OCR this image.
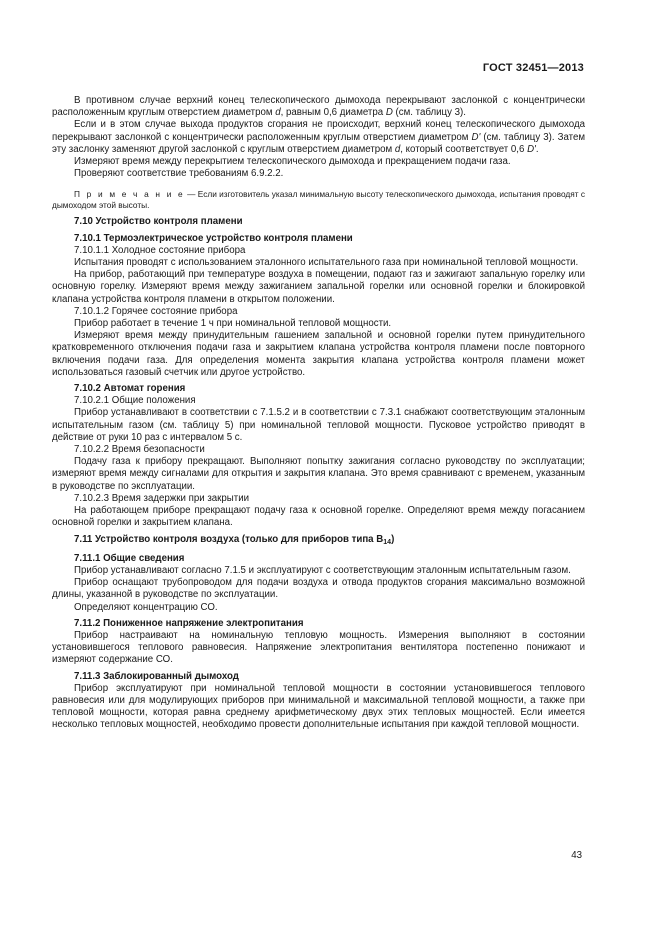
ГОСТ 32451—2013

В противном случае верхний конец телескопического дымохода перекрывают заслонкой с концентрически расположенным круглым отверстием диаметром d, равным 0,6 диаметра D (см. таблицу 3).

Если и в этом случае выхода продуктов сгорания не происходит, верхний конец телескопического дымохода перекрывают заслонкой с концентрически расположенным круглым отверстием диаметром D' (см. таблицу 3). Затем эту заслонку заменяют другой заслонкой с круглым отверстием диаметром d, который соответствует 0,6 D'.

Измеряют время между перекрытием телескопического дымохода и прекращением подачи газа.

Проверяют соответствие требованиям 6.9.2.2.

П р и м е ч а н и е — Если изготовитель указал минимальную высоту телескопического дымохода, испытания проводят с дымоходом этой высоты.

7.10 Устройство контроля пламени

7.10.1 Термоэлектрическое устройство контроля пламени

7.10.1.1 Холодное состояние прибора

Испытания проводят с использованием эталонного испытательного газа при номинальной тепловой мощности.

На прибор, работающий при температуре воздуха в помещении, подают газ и зажигают запальную горелку или основную горелку. Измеряют время между зажиганием запальной горелки или основной горелки и блокировкой клапана устройства контроля пламени в открытом положении.

7.10.1.2 Горячее состояние прибора

Прибор работает в течение 1 ч при номинальной тепловой мощности.

Измеряют время между принудительным гашением запальной и основной горелки путем принудительного кратковременного отключения подачи газа и закрытием клапана устройства контроля пламени после повторного включения подачи газа. Для определения момента закрытия клапана устройства контроля пламени может использоваться газовый счетчик или другое устройство.

7.10.2 Автомат горения

7.10.2.1 Общие положения

Прибор устанавливают в соответствии с 7.1.5.2 и в соответствии с 7.3.1 снабжают соответствующим эталонным испытательным газом (см. таблицу 5) при номинальной тепловой мощности. Пусковое устройство приводят в действие от руки 10 раз с интервалом 5 с.

7.10.2.2 Время безопасности

Подачу газа к прибору прекращают. Выполняют попытку зажигания согласно руководству по эксплуатации; измеряют время между сигналами для открытия и закрытия клапана. Это время сравнивают с временем, указанным в руководстве по эксплуатации.

7.10.2.3 Время задержки при закрытии

На работающем приборе прекращают подачу газа к основной горелке. Определяют время между погасанием основной горелки и закрытием клапана.

7.11 Устройство контроля воздуха (только для приборов типа $B_{14}$)

7.11.1 Общие сведения

Прибор устанавливают согласно 7.1.5 и эксплуатируют с соответствующим эталонным испытательным газом.

Прибор оснащают трубопроводом для подачи воздуха и отвода продуктов сгорания максимально возможной длины, указанной в руководстве по эксплуатации.

Определяют концентрацию СО.

7.11.2 Пониженное напряжение электропитания

Прибор настраивают на номинальную тепловую мощность. Измерения выполняют в состоянии установившегося теплового равновесия. Напряжение электропитания вентилятора постепенно понижают и измеряют содержание СО.

7.11.3 Заблокированный дымоход

Прибор эксплуатируют при номинальной тепловой мощности в состоянии установившегося теплового равновесия или для модулирующих приборов при минимальной и максимальной тепловой мощности, а также при тепловой мощности, которая равна среднему арифметическому двух этих тепловых мощностей. Если имеется несколько тепловых мощностей, необходимо провести дополнительные испытания при каждой тепловой мощности.

43
